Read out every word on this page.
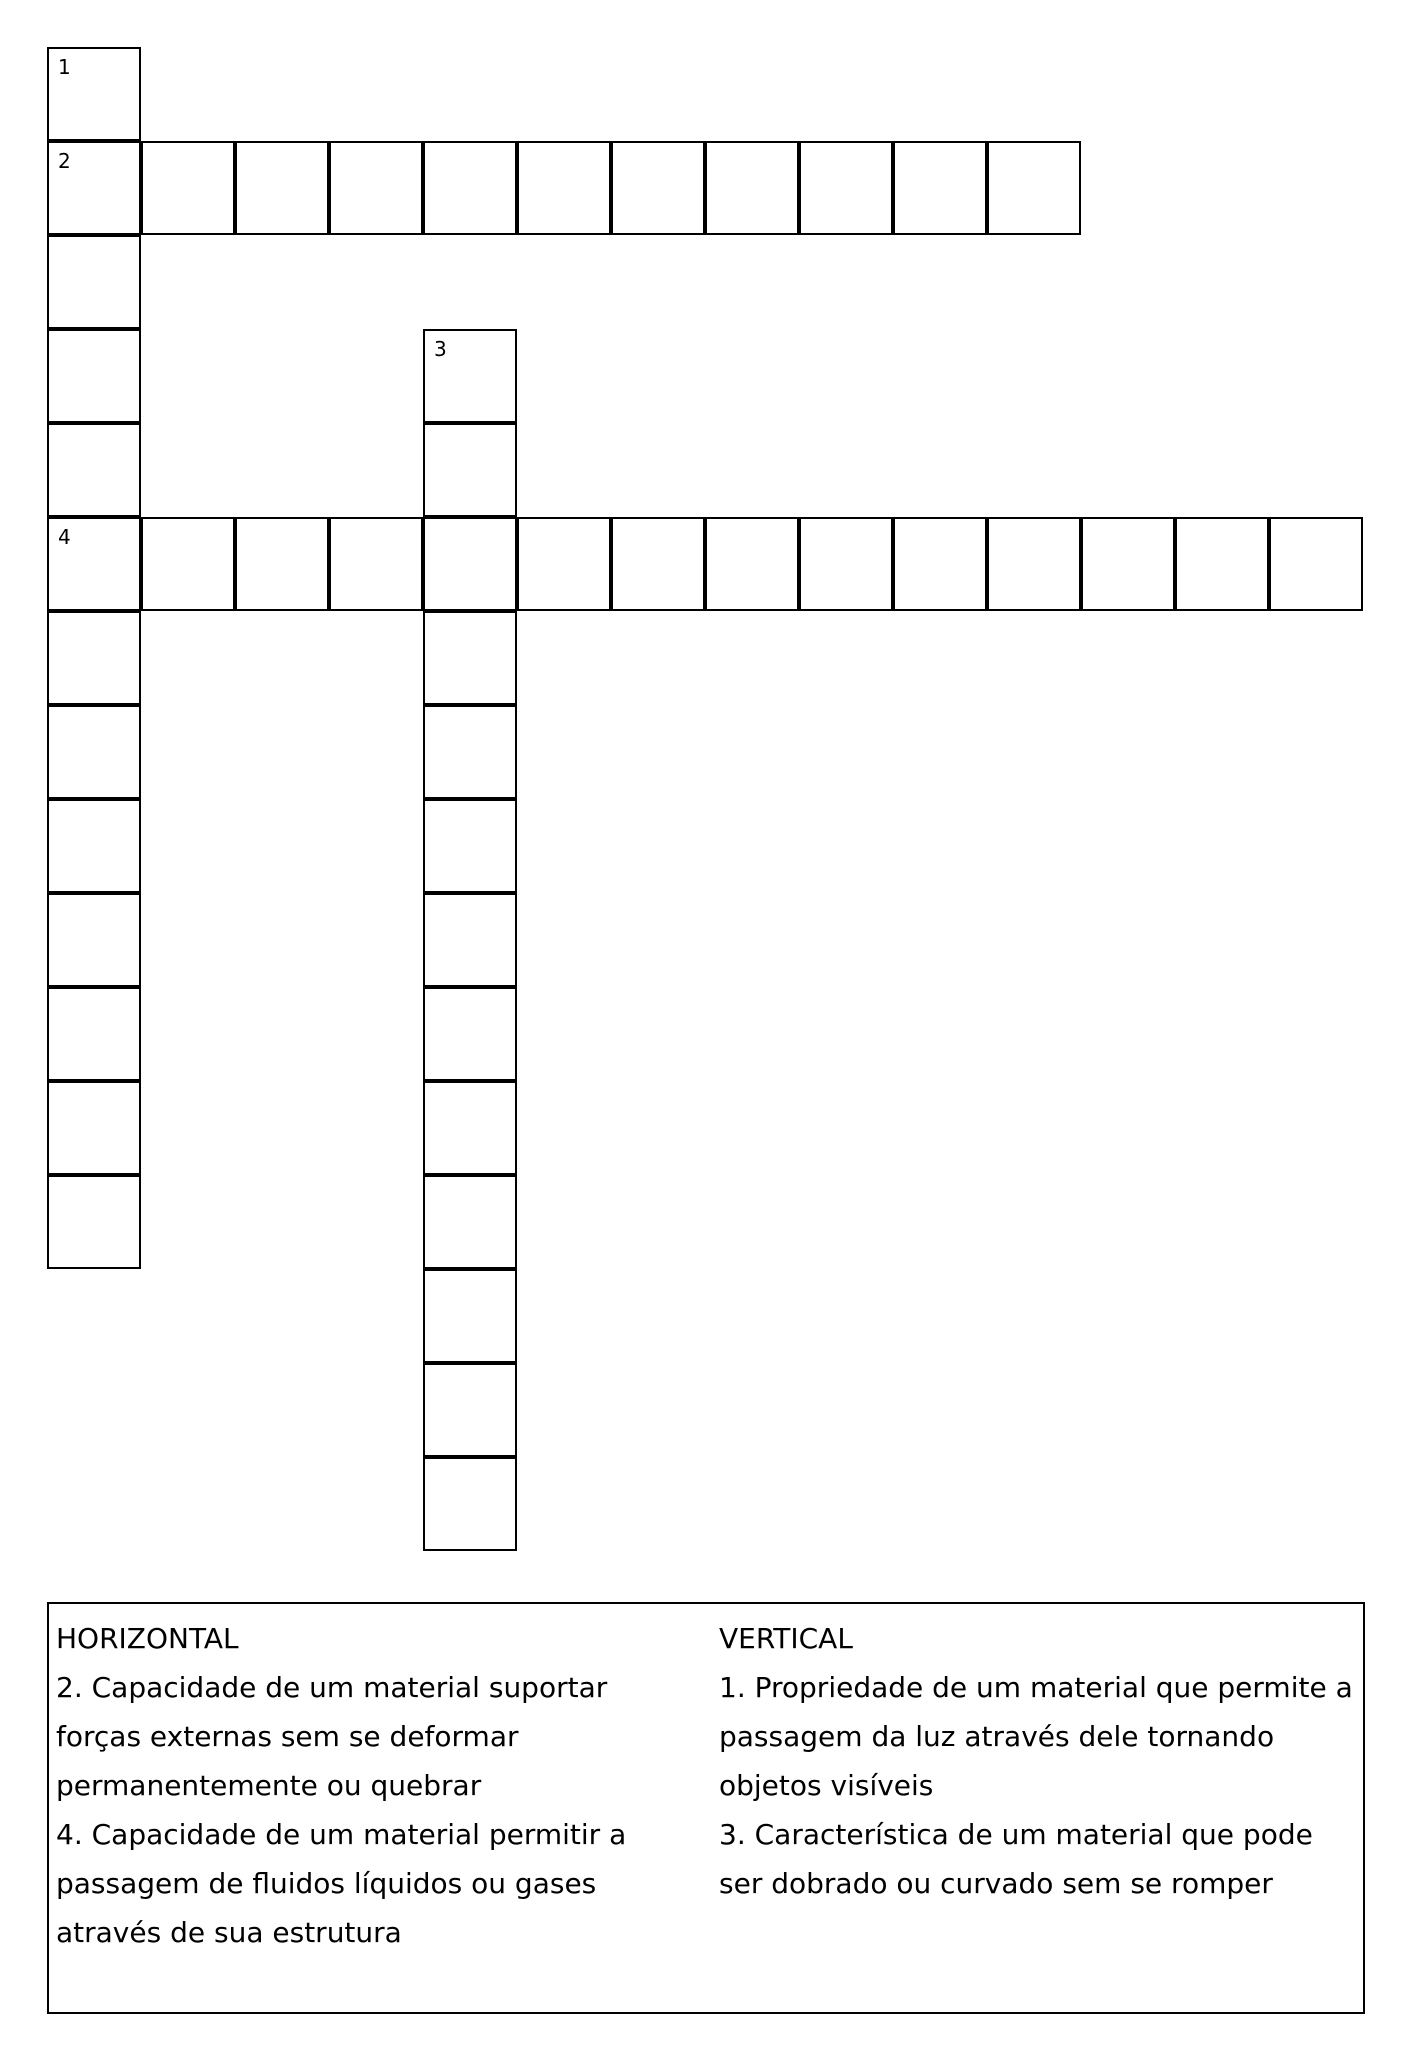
1
2
4
3
HORIZONTAL
2. Capacidade de um material suportar forças externas sem se deformar permanentemente ou quebrar
4. Capacidade de um material permitir a passagem de fluidos líquidos ou gases através de sua estrutura
VERTICAL
1. Propriedade de um material que permite a passagem da luz através dele tornando objetos visíveis
3. Característica de um material que pode ser dobrado ou curvado sem se romper
